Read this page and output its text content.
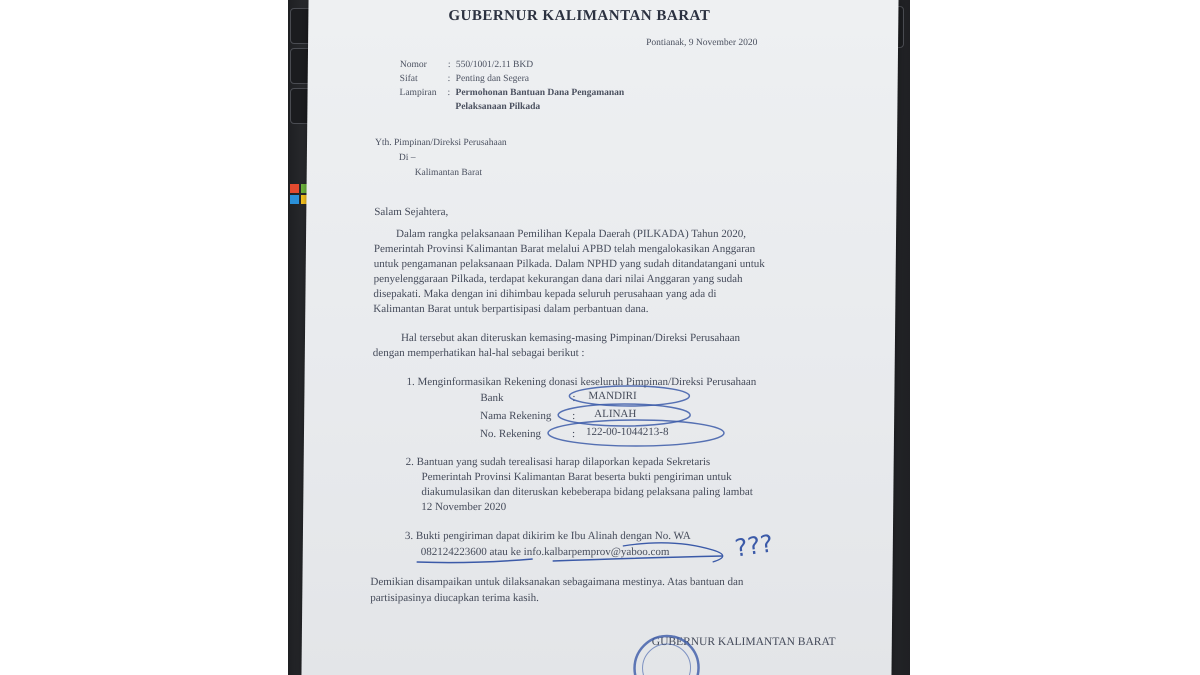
GUBERNUR KALIMANTAN BARAT
Pontianak, 9 November 2020
Nomor : 550/1001/2.11 BKD
Sifat	: Penting dan Segera
Lampiran : Permohonan Bantuan Dana Pengamanan
Pelaksanaan Pilkada
Yth. Pimpinan/Direksi Perusahaan
Di –
Kalimantan Barat
Salam Sejahtera,
Dalam rangka pelaksanaan Pemilihan Kepala Daerah (PILKADA) Tahun 2020,
Pemerintah Provinsi Kalimantan Barat melalui APBD telah mengalokasikan Anggaran
untuk pengamanan pelaksanaan Pilkada. Dalam NPHD yang sudah ditandatangani untuk
penyelenggaraan Pilkada, terdapat kekurangan dana dari nilai Anggaran yang sudah
disepakati. Maka dengan ini dihimbau kepada seluruh perusahaan yang ada di
Kalimantan Barat untuk berpartisipasi dalam perbantuan dana.
Hal tersebut akan diteruskan kemasing-masing Pimpinan/Direksi Perusahaan
dengan memperhatikan hal-hal sebagai berikut :
1. Menginformasikan Rekening donasi keseluruh Pimpinan/Direksi Perusahaan
Bank	: MANDIRI
Nama Rekening : ALINAH
No. Rekening	: 122-00-1044213-8
2. Bantuan yang sudah terealisasi harap dilaporkan kepada Sekretaris
Pemerintah Provinsi Kalimantan Barat beserta bukti pengiriman untuk
diakumulasikan dan diteruskan kebeberapa bidang pelaksana paling lambat
12 November 2020
3. Bukti pengiriman dapat dikirim ke Ibu Alinah dengan No. WA
082124223600 atau ke info.kalbarpemprov@yaboo.com
Demikian disampaikan untuk dilaksanakan sebagaimana mestinya. Atas bantuan dan
partisipasinya diucapkan terima kasih.
GUBERNUR KALIMANTAN BARAT
???
